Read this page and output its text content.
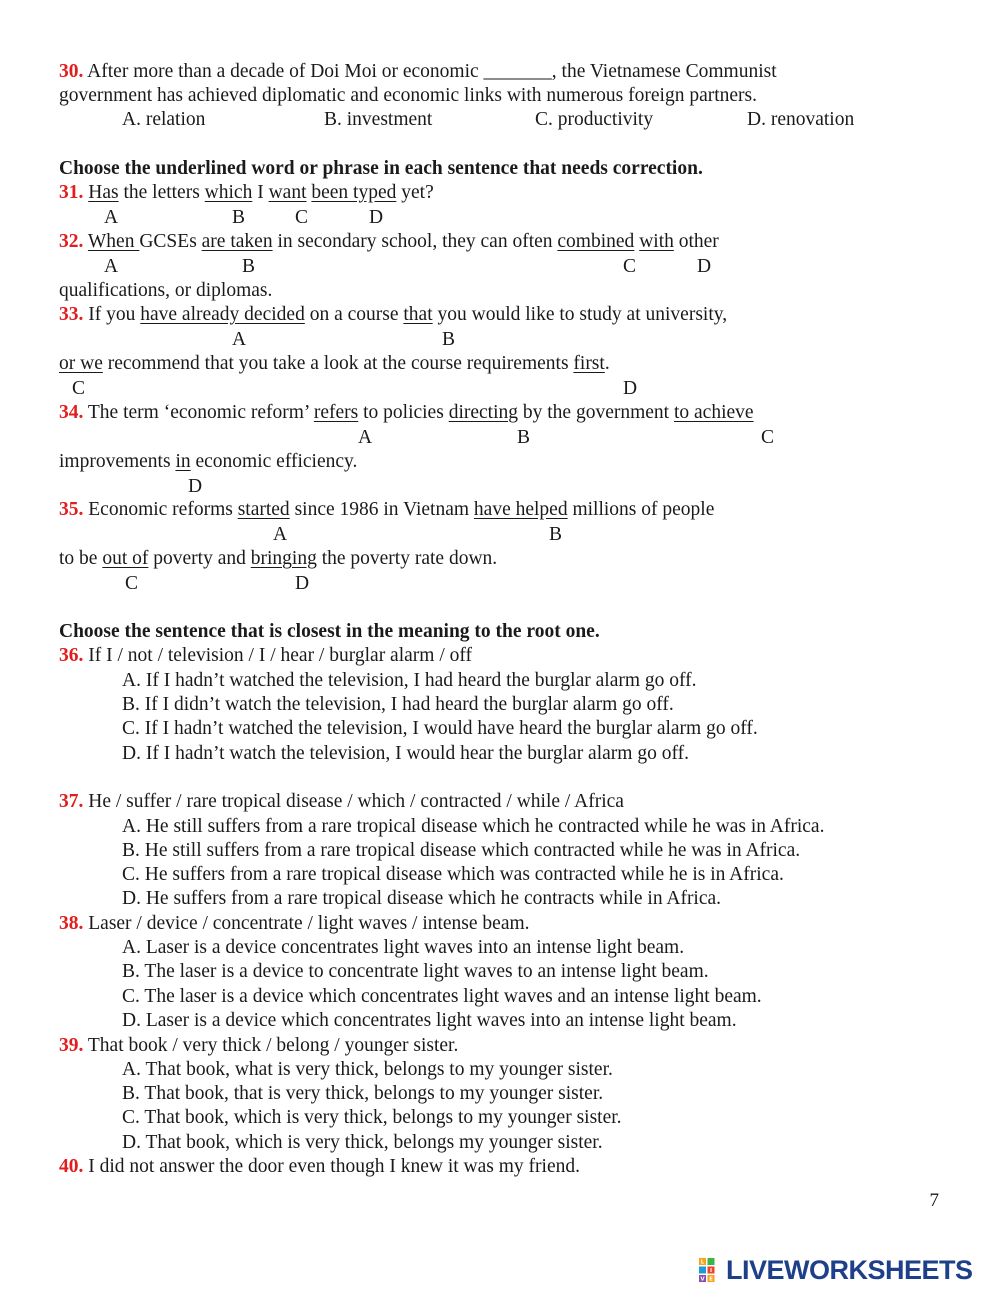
30. After more than a decade of Doi Moi or economic _______, the Vietnamese Communist
government has achieved diplomatic and economic links with numerous foreign partners.
A. relation	B. investment	C. productivity	D. renovation
Choose the underlined word or phrase in each sentence that needs correction.
31. Has the letters which I want been typed yet?
A	B	C	D
32. When GCSEs are taken in secondary school, they can often combined with other
A	B	C	D
qualifications, or diplomas.
33. If you have already decided on a course that you would like to study at university,
A	B
or we recommend that you take a look at the course requirements first.
C	D
34. The term ‘economic reform’ refers to policies directing by the government to achieve
A	B	C
improvements in economic efficiency.
D
35. Economic reforms started since 1986 in Vietnam have helped millions of people
A	B
to be out of poverty and bringing the poverty rate down.
C	D
Choose the sentence that is closest in the meaning to the root one.
36. If I / not / television / I / hear / burglar alarm / off
A. If I hadn’t watched the television, I had heard the burglar alarm go off.
B. If I didn’t watch the television, I had heard the burglar alarm go off.
C. If I hadn’t watched the television, I would have heard the burglar alarm go off.
D. If I hadn’t watch the television, I would hear the burglar alarm go off.
37. He / suffer / rare tropical disease / which / contracted / while / Africa
A. He still suffers from a rare tropical disease which he contracted while he was in Africa.
B. He still suffers from a rare tropical disease which contracted while he was in Africa.
C. He suffers from a rare tropical disease which was contracted while he is in Africa.
D. He suffers from a rare tropical disease which he contracts while in Africa.
38. Laser / device / concentrate / light waves / intense beam.
A. Laser is a device concentrates light waves into an intense light beam.
B. The laser is a device to concentrate light waves to an intense light beam.
C. The laser is a device which concentrates light waves and an intense light beam.
D. Laser is a device which concentrates light waves into an intense light beam.
39. That book / very thick / belong / younger sister.
A. That book, what is very thick, belongs to my younger sister.
B. That book, that is very thick, belongs to my younger sister.
C. That book, which is very thick, belongs to my younger sister.
D. That book, which is very thick, belongs my younger sister.
40. I did not answer the door even though I knew it was my friend.
7
L
I
V E LIVEWORKSHEETS
